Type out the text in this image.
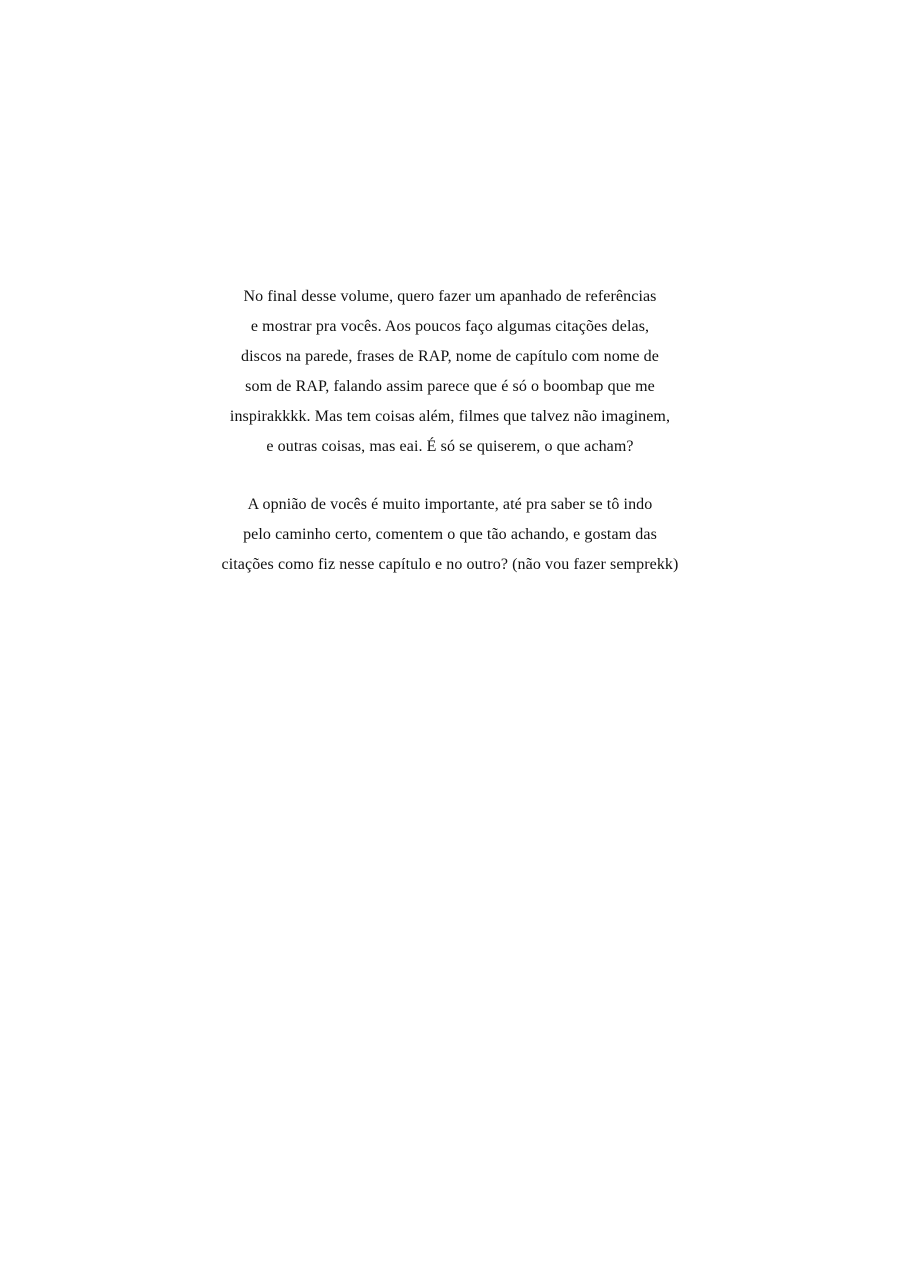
No final desse volume, quero fazer um apanhado de referências
e mostrar pra vocês. Aos poucos faço algumas citações delas,
discos na parede, frases de RAP, nome de capítulo com nome de
som de RAP, falando assim parece que é só o boombap que me
inspirakkkk. Mas tem coisas além, filmes que talvez não imaginem,
e outras coisas, mas eai. É só se quiserem, o que acham?
A opnião de vocês é muito importante, até pra saber se tô indo
pelo caminho certo, comentem o que tão achando, e gostam das
citações como fiz nesse capítulo e no outro? (não vou fazer semprekk)
